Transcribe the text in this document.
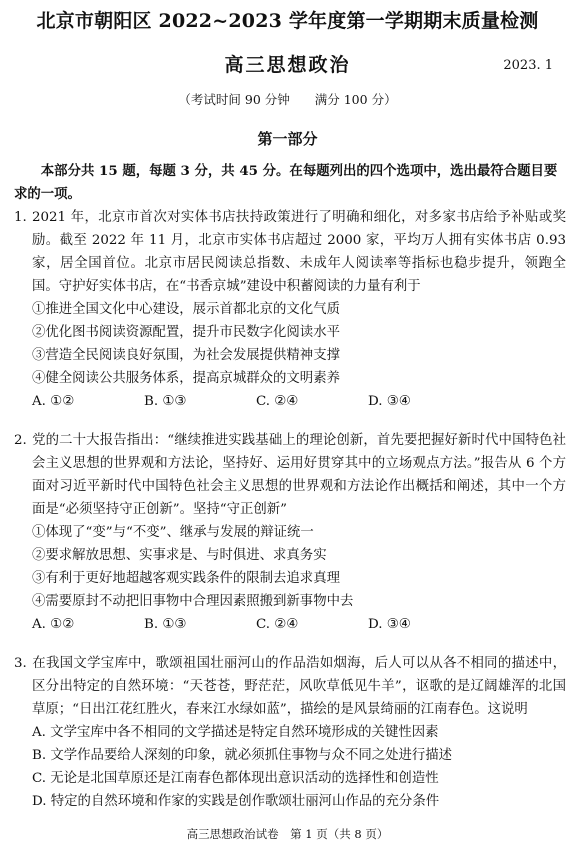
北京市朝阳区 2022~2023 学年度第一学期期末质量检测
高三思想政治	2023. 1
（考试时间 90 分钟　　满分 100 分）
第一部分
本部分共 15 题，每题 3 分，共 45 分。在每题列出的四个选项中，选出最符合题目要求的一项。
1. 2021 年，北京市首次对实体书店扶持政策进行了明确和细化，对多家书店给予补贴或奖励。截至 2022 年 11 月，北京市实体书店超过 2000 家，平均万人拥有实体书店 0.93 家，居全国首位。北京市居民阅读总指数、未成年人阅读率等指标也稳步提升，领跑全国。守护好实体书店，在“书香京城”建设中积蓄阅读的力量有利于
①推进全国文化中心建设，展示首都北京的文化气质
②优化图书阅读资源配置，提升市民数字化阅读水平
③营造全民阅读良好氛围，为社会发展提供精神支撑
④健全阅读公共服务体系，提高京城群众的文明素养
A. ①②	B. ①③	C. ②④	D. ③④
2. 党的二十大报告指出：“继续推进实践基础上的理论创新，首先要把握好新时代中国特色社会主义思想的世界观和方法论，坚持好、运用好贯穿其中的立场观点方法。”报告从 6 个方面对习近平新时代中国特色社会主义思想的世界观和方法论作出概括和阐述，其中一个方面是“必须坚持守正创新”。坚持“守正创新”
①体现了“变”与“不变”、继承与发展的辩证统一
②要求解放思想、实事求是、与时俱进、求真务实
③有利于更好地超越客观实践条件的限制去追求真理
④需要原封不动把旧事物中合理因素照搬到新事物中去
A. ①②	B. ①③	C. ②④	D. ③④
3. 在我国文学宝库中，歌颂祖国壮丽河山的作品浩如烟海，后人可以从各不相同的描述中，区分出特定的自然环境：“天苍苍，野茫茫，风吹草低见牛羊”，讴歌的是辽阔雄浑的北国草原；“日出江花红胜火，春来江水绿如蓝”，描绘的是风景绮丽的江南春色。这说明
A. 文学宝库中各不相同的文学描述是特定自然环境形成的关键性因素
B. 文学作品要给人深刻的印象，就必须抓住事物与众不同之处进行描述
C. 无论是北国草原还是江南春色都体现出意识活动的选择性和创造性
D. 特定的自然环境和作家的实践是创作歌颂壮丽河山作品的充分条件
高三思想政治试卷　第 1 页（共 8 页）
